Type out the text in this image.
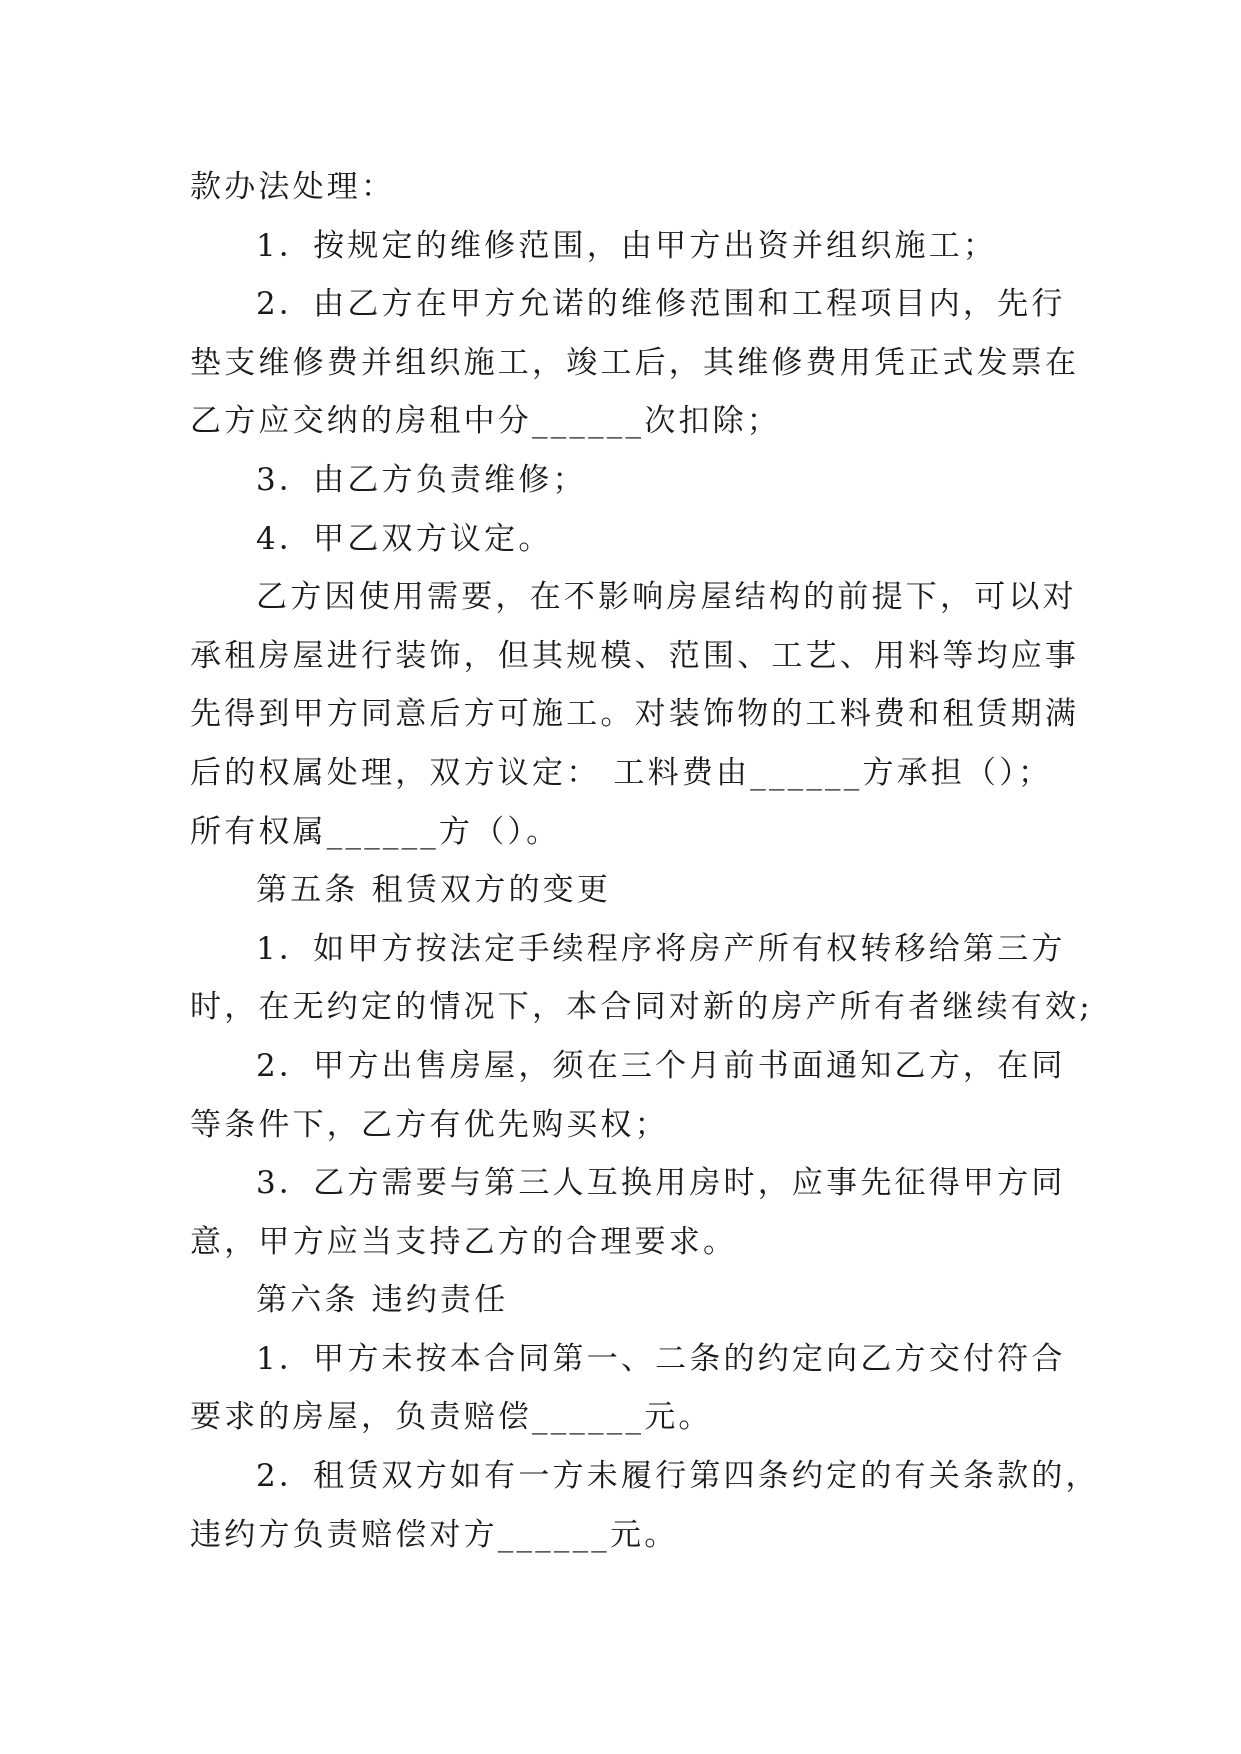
款办法处理：

1．按规定的维修范围，由甲方出资并组织施工；

2．由乙方在甲方允诺的维修范围和工程项目内，先行

垫支维修费并组织施工，竣工后，其维修费用凭正式发票在

乙方应交纳的房租中分______次扣除；

3．由乙方负责维修；

4．甲乙双方议定。

乙方因使用需要，在不影响房屋结构的前提下，可以对

承租房屋进行装饰，但其规模、范围、工艺、用料等均应事

先得到甲方同意后方可施工。对装饰物的工料费和租赁期满

后的权属处理，双方议定： 工料费由______方承担（）；

所有权属______方（）。

第五条 租赁双方的变更

1．如甲方按法定手续程序将房产所有权转移给第三方

时，在无约定的情况下，本合同对新的房产所有者继续有效;

2．甲方出售房屋，须在三个月前书面通知乙方，在同

等条件下，乙方有优先购买权；

3．乙方需要与第三人互换用房时，应事先征得甲方同

意，甲方应当支持乙方的合理要求。

第六条 违约责任

1．甲方未按本合同第一、二条的约定向乙方交付符合

要求的房屋，负责赔偿______元。

2．租赁双方如有一方未履行第四条约定的有关条款的，

违约方负责赔偿对方______元。
